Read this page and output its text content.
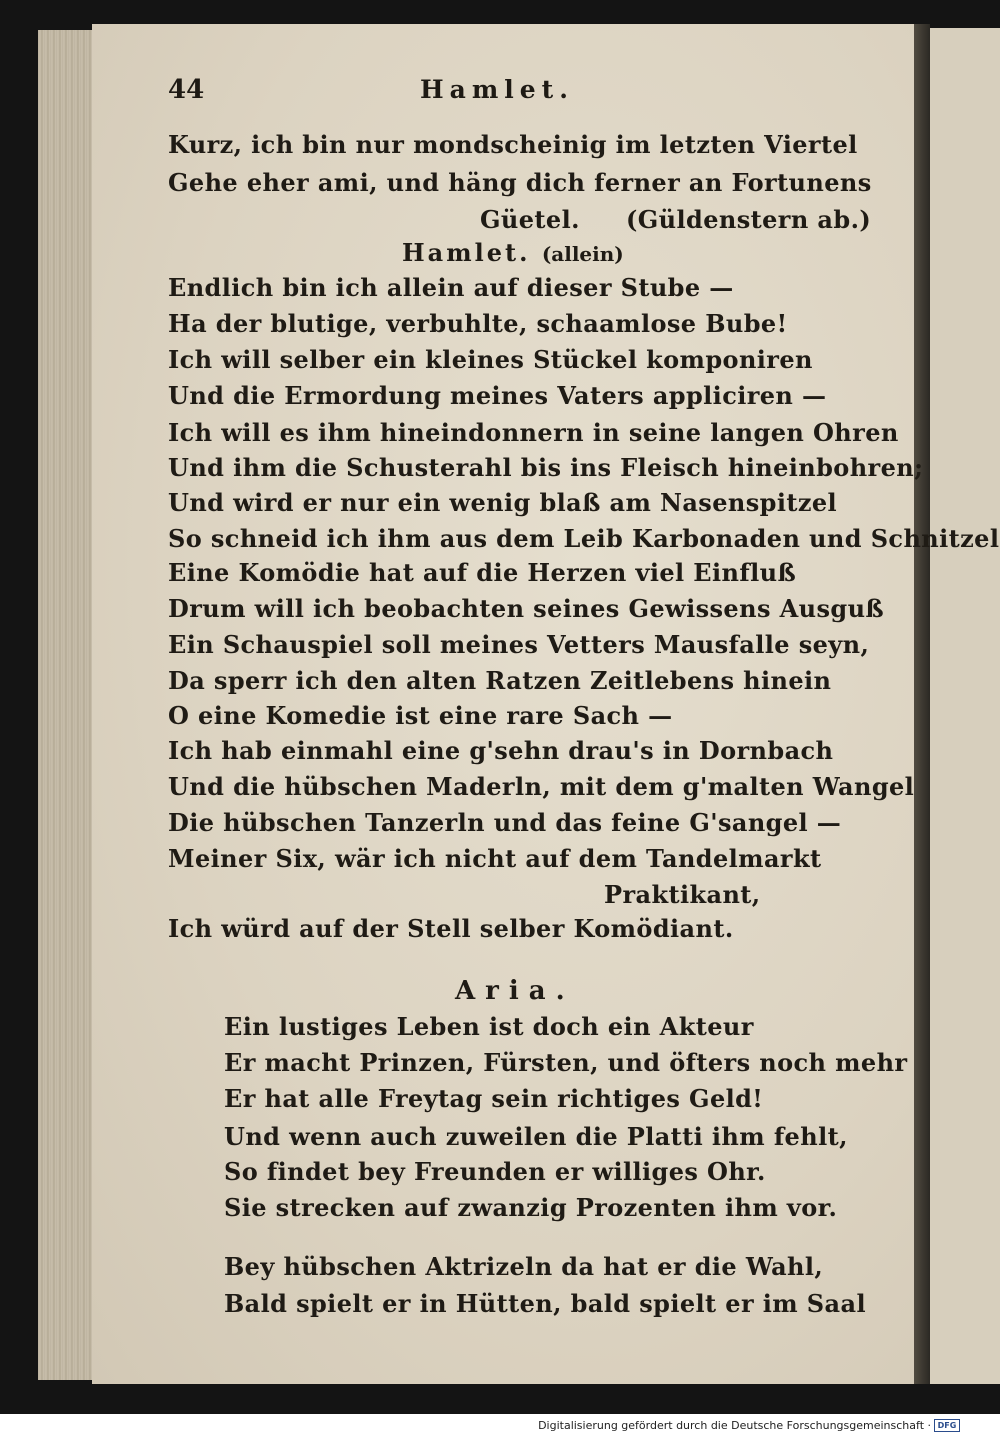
44	Hamlet.
Kurz, ich bin nur mondscheinig im letzten Viertel
Gehe eher ami, und häng dich ferner an Fortunens
Güetel. (Güldenstern ab.)
Hamlet. (allein)
Endlich bin ich allein auf dieser Stube —
Ha der blutige, verbuhlte, schaamlose Bube!
Ich will selber ein kleines Stückel komponiren
Und die Ermordung meines Vaters appliciren —
Ich will es ihm hineindonnern in seine langen Ohren
Und ihm die Schusterahl bis ins Fleisch hineinbohren;
Und wird er nur ein wenig blaß am Nasenspitzel
So schneid ich ihm aus dem Leib Karbonaden und Schnitzel
Eine Komödie hat auf die Herzen viel Einfluß
Drum will ich beobachten seines Gewissens Ausguß
Ein Schauspiel soll meines Vetters Mausfalle seyn,
Da sperr ich den alten Ratzen Zeitlebens hinein
O eine Komedie ist eine rare Sach —
Ich hab einmahl eine g'sehn drau's in Dornbach
Und die hübschen Maderln, mit dem g'malten Wangel
Die hübschen Tanzerln und das feine G'sangel —
Meiner Six, wär ich nicht auf dem Tandelmarkt
Praktikant,
Ich würd auf der Stell selber Komödiant.
Aria.
Ein lustiges Leben ist doch ein Akteur
Er macht Prinzen, Fürsten, und öfters noch mehr
Er hat alle Freytag sein richtiges Geld!
Und wenn auch zuweilen die Platti ihm fehlt,
So findet bey Freunden er williges Ohr.
Sie strecken auf zwanzig Prozenten ihm vor.
Bey hübschen Aktrizeln da hat er die Wahl,
Bald spielt er in Hütten, bald spielt er im Saal
Digitalisierung gefördert durch die Deutsche Forschungsgemeinschaft · DFG
